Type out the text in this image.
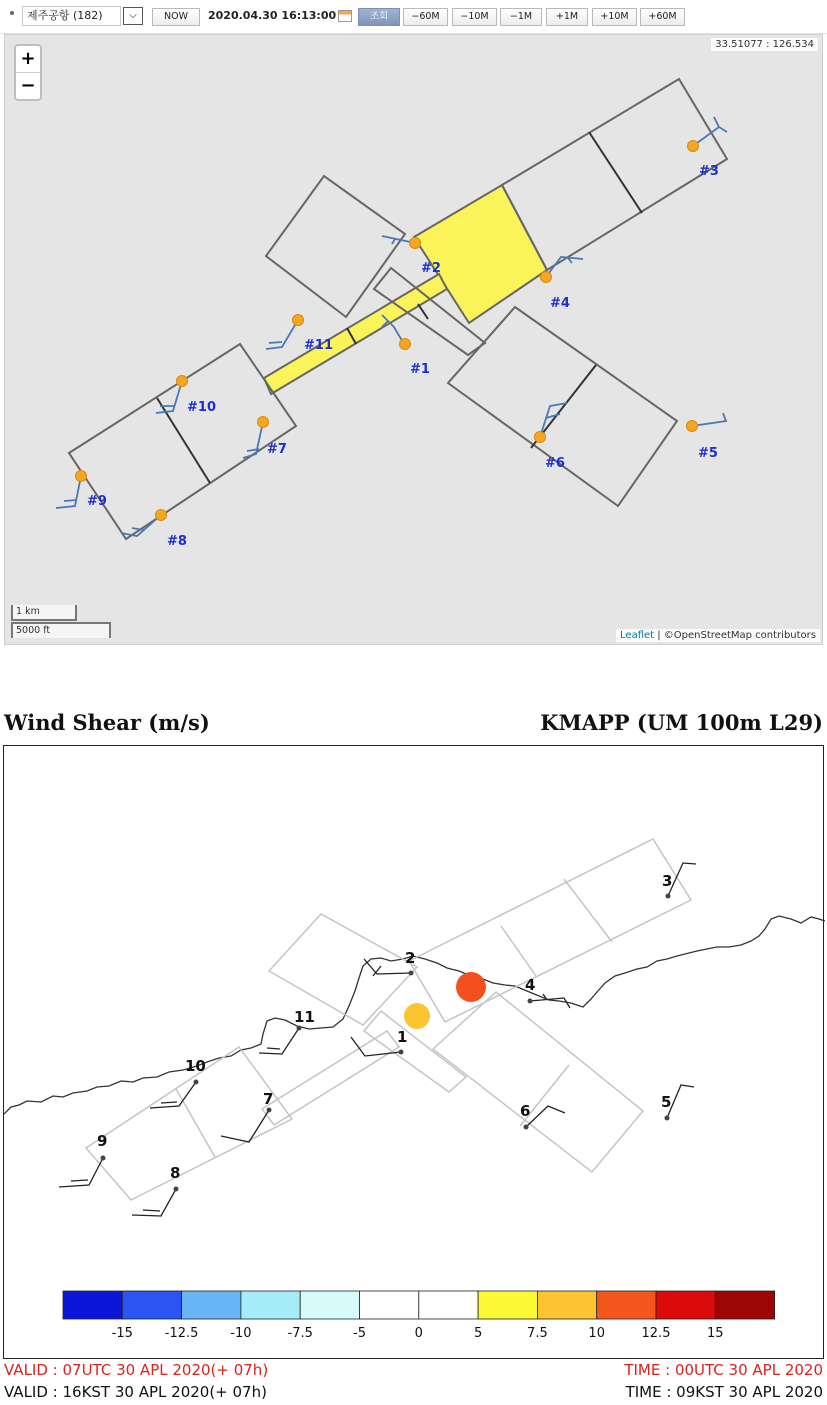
제주공항 (182)	⌵	NOW	2020.04.30 16:13:00	조회	−60M	−10M	−1M	+1M	+10M	+60M
#1
#2
#3
#4
#5
#6
#7
#8
#9
#10
#11
+
−
33.51077 : 126.534
1 km
5000 ft	Leaflet | ©OpenStreetMap contributors
Wind Shear (m/s)	KMAPP (UM 100m L29)
1
2
3
4
5
6
7
8
9
10
11
-15 -12.5 -10	-7.5	-5	0	5	7.5	10	12.5	15
VALID : 07UTC 30 APL 2020(+ 07h)
VALID : 16KST 30 APL 2020(+ 07h)
TIME : 00UTC 30 APL 2020
TIME : 09KST 30 APL 2020
